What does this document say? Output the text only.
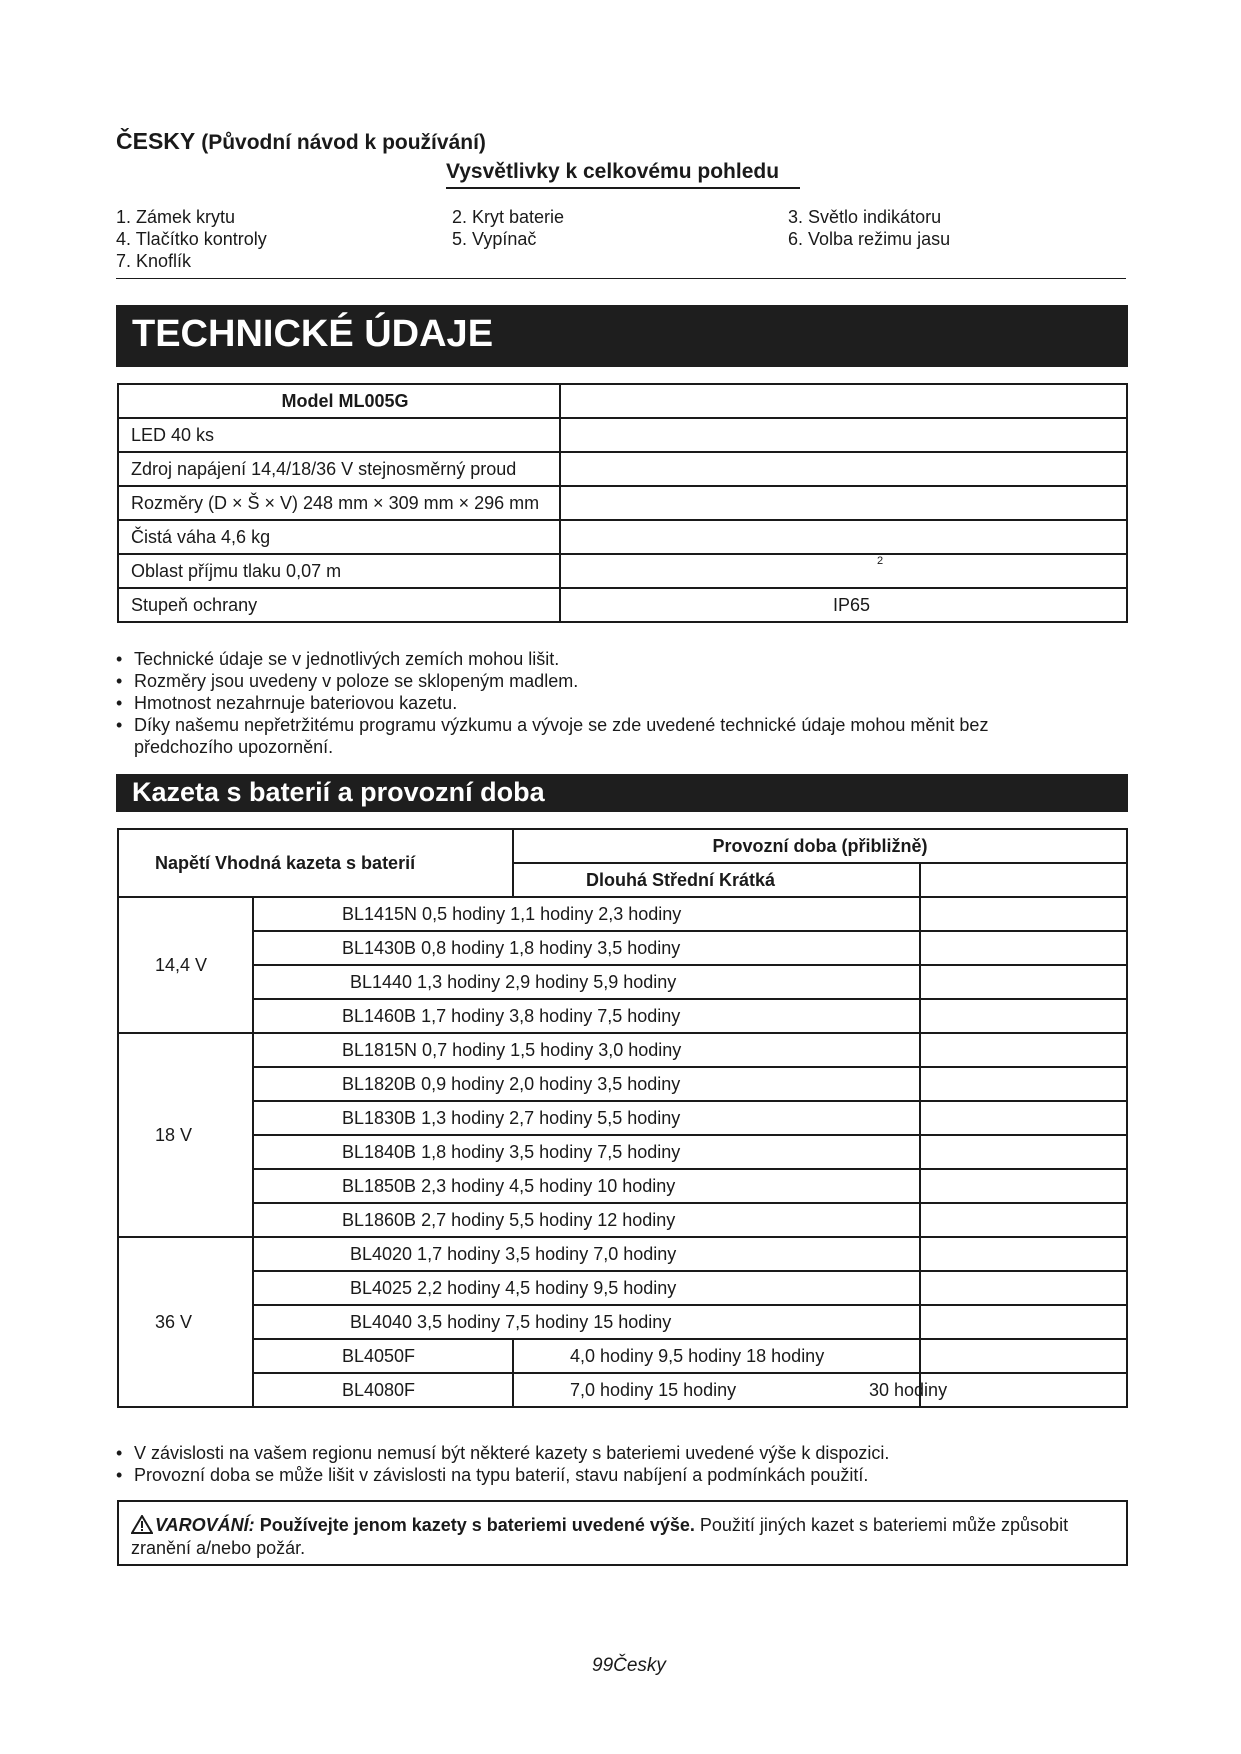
ČESKY (Původní návod k používání)
Vysvětlivky k celkovému pohledu
1. Zámek krytu	2. Kryt baterie	3. Světlo indikátoru
4. Tlačítko kontroly	5. Vypínač	6. Volba režimu jasu
7. Knoflík
TECHNICKÉ ÚDAJE
Model ML005G	
LED 40 ks	
Zdroj napájení 14,4/18/36 V stejnosměrný proud	
Rozměry (D × Š × V) 248 mm × 309 mm × 296 mm	
Čistá váha 4,6 kg	
Oblast příjmu tlaku 0,07 m	2
Stupeň ochrany	IP65
• Technické údaje se v jednotlivých zemích mohou lišit.
• Rozměry jsou uvedeny v poloze se sklopeným madlem.
• Hmotnost nezahrnuje bateriovou kazetu.
• Díky našemu nepřetržitému programu výzkumu a vývoje se zde uvedené technické údaje mohou měnit bez předchozího upozornění.
Kazeta s baterií a provozní doba
Napětí Vhodná kazeta s baterií		Provozní doba (přibližně)	
		Dlouhá Střední Krátká	
14,4 V	BL1415N 0,5 hodiny 1,1 hodiny 2,3 hodiny		
	BL1430B 0,8 hodiny 1,8 hodiny 3,5 hodiny		
	BL1440 1,3 hodiny 2,9 hodiny 5,9 hodiny		
	BL1460B 1,7 hodiny 3,8 hodiny 7,5 hodiny		
18 V	BL1815N 0,7 hodiny 1,5 hodiny 3,0 hodiny		
	BL1820B 0,9 hodiny 2,0 hodiny 3,5 hodiny		
	BL1830B 1,3 hodiny 2,7 hodiny 5,5 hodiny		
	BL1840B 1,8 hodiny 3,5 hodiny 7,5 hodiny		
	BL1850B 2,3 hodiny 4,5 hodiny 10 hodiny		
	BL1860B 2,7 hodiny 5,5 hodiny 12 hodiny		
36 V	BL4020 1,7 hodiny 3,5 hodiny 7,0 hodiny		
	BL4025 2,2 hodiny 4,5 hodiny 9,5 hodiny		
	BL4040 3,5 hodiny 7,5 hodiny 15 hodiny		
	BL4050F	4,0 hodiny 9,5 hodiny 18 hodiny	
	BL4080F	7,0 hodiny 15 hodiny	30 hodiny
• V závislosti na vašem regionu nemusí být některé kazety s bateriemi uvedené výše k dispozici.
• Provozní doba se může lišit v závislosti na typu baterií, stavu nabíjení a podmínkách použití.
VAROVÁNÍ: Používejte jenom kazety s bateriemi uvedené výše. Použití jiných kazet s bateriemi může způsobit zranění a/nebo požár.
99Česky
